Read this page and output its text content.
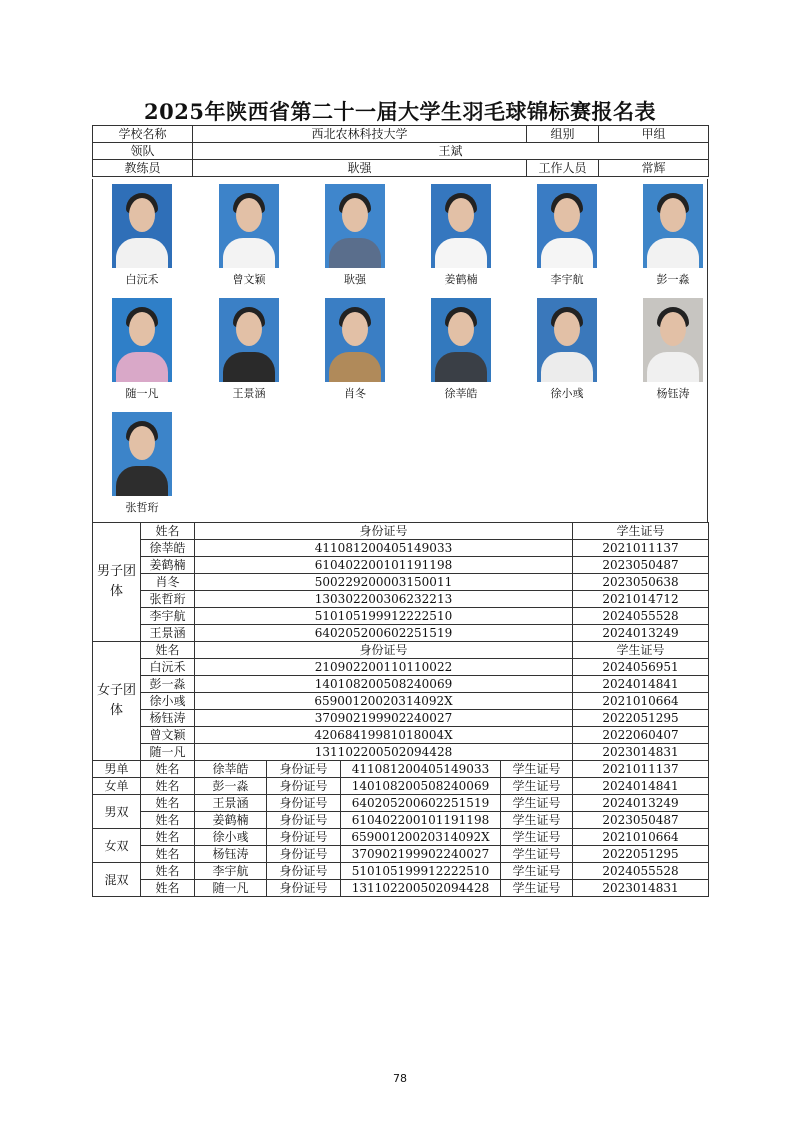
2025年陕西省第二十一届大学生羽毛球锦标赛报名表
学校名称	西北农林科技大学	组别	甲组
领队	王斌		
教练员	耿强	工作人员	常辉
白沅禾	曾文颖	耿强	姜鹤楠	李宇航	彭一淼
随一凡	王景涵	肖冬	徐莘皓	徐小彧	杨钰涛
张哲珩
男子团体	姓名	身份证号				学生证号
	徐莘皓	411081200405149033				2021011137
	姜鹤楠	610402200101191198				2023050487
	肖冬	500229200003150011				2023050638
	张哲珩	130302200306232213				2021014712
	李宇航	510105199912222510				2024055528
	王景涵	640205200602251519				2024013249
女子团体	姓名	身份证号				学生证号
	白沅禾	210902200110110022				2024056951
	彭一淼	140108200508240069				2024014841
	徐小彧	65900120020314092X				2021010664
	杨钰涛	370902199902240027				2022051295
	曾文颖	42068419981018004X				2022060407
	随一凡	131102200502094428				2023014831
男单	姓名	徐莘皓	身份证号	411081200405149033	学生证号	2021011137
女单	姓名	彭一淼	身份证号	140108200508240069	学生证号	2024014841
男双	姓名	王景涵	身份证号	640205200602251519	学生证号	2024013249
	姓名	姜鹤楠	身份证号	610402200101191198	学生证号	2023050487
女双	姓名	徐小彧	身份证号	65900120020314092X	学生证号	2021010664
	姓名	杨钰涛	身份证号	370902199902240027	学生证号	2022051295
混双	姓名	李宇航	身份证号	510105199912222510	学生证号	2024055528
	姓名	随一凡	身份证号	131102200502094428	学生证号	2023014831
78
